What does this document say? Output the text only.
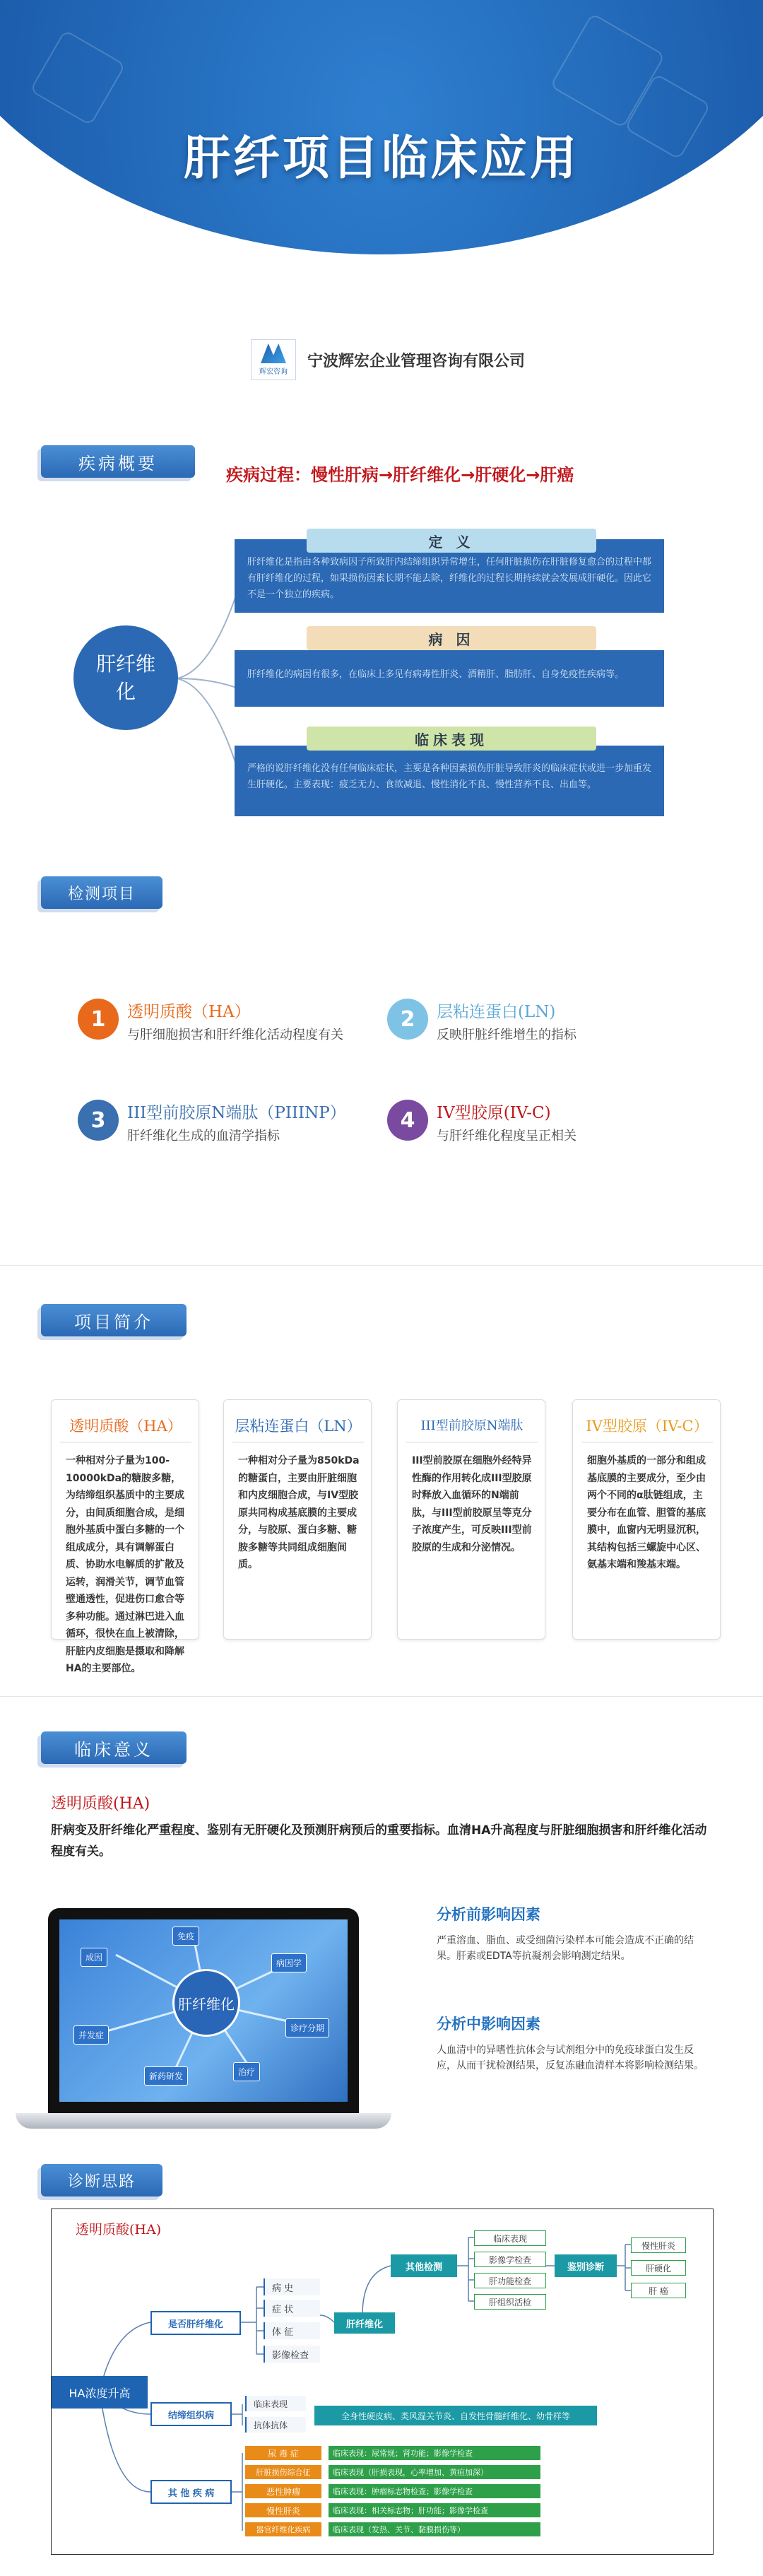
肝纤项目临床应用
辉宏咨询
宁波辉宏企业管理咨询有限公司
疾病概要
疾病过程：慢性肝病→肝纤维化→肝硬化→肝癌
肝纤维化
肝纤维化是指由各种致病因子所致肝内结缔组织异常增生，任何肝脏损伤在肝脏修复愈合的过程中都有肝纤维化的过程，如果损伤因素长期不能去除，纤维化的过程长期持续就会发展成肝硬化。因此它不是一个独立的疾病。
定 义
肝纤维化的病因有很多，在临床上多见有病毒性肝炎、酒精肝、脂肪肝、自身免疫性疾病等。
病 因
严格的说肝纤维化没有任何临床症状，主要是各种因素损伤肝脏导致肝炎的临床症状或进一步加重发生肝硬化。主要表现：疲乏无力、食欲减退、慢性消化不良、慢性营养不良、出血等。
临床表现
检测项目
1	透明质酸（HA）
与肝细胞损害和肝纤维化活动程度有关
2	层粘连蛋白(LN)
反映肝脏纤维增生的指标
3	III型前胶原N端肽（PIIINP）
肝纤维化生成的血清学指标
4	IV型胶原(IV-C)
与肝纤维化程度呈正相关
项目简介
透明质酸（HA）
一种相对分子量为100-10000kDa的糖胺多糖，为结缔组织基质中的主要成分，由间质细胞合成，是细胞外基质中蛋白多糖的一个组成成分，具有调解蛋白质、协助水电解质的扩散及运转，润滑关节，调节血管壁通透性，促进伤口愈合等多种功能。通过淋巴进入血循环，很快在血上被清除，肝脏内皮细胞是摄取和降解HA的主要部位。
层粘连蛋白（LN）
一种相对分子量为850kDa的糖蛋白，主要由肝脏细胞和内皮细胞合成，与IV型胶原共同构成基底膜的主要成分，与胶原、蛋白多糖、糖胺多糖等共同组成细胞间质。
III型前胶原N端肽
III型前胶原在细胞外经特异性酶的作用转化成III型胶原时释放入血循环的N端前肽，与III型前胶原呈等克分子浓度产生，可反映III型前胶原的生成和分泌情况。
IV型胶原（IV-C）
细胞外基质的一部分和组成基底膜的主要成分，至少由两个不同的α肽链组成，主要分布在血管、胆管的基底膜中，血窗内无明显沉积，其结构包括三螺旋中心区、氨基末端和羧基末端。
临床意义
透明质酸(HA)
肝病变及肝纤维化严重程度、鉴别有无肝硬化及预测肝病预后的重要指标。血清HA升高程度与肝脏细胞损害和肝纤维化活动程度有关。
肝纤维化
成因
免疫
病因学
诊疗分期
并发症
新药研发	治疗
分析前影响因素
严重溶血、脂血、或受细菌污染样本可能会造成不正确的结果。肝素或EDTA等抗凝剂会影响测定结果。
分析中影响因素
人血清中的异嗜性抗体会与试剂组分中的免疫球蛋白发生反应，从而干扰检测结果，反复冻融血清样本将影响检测结果。
诊断思路
透明质酸(HA)
HA浓度升高
是否肝纤维化
病 史
症 状
体 征
影像检查
肝纤维化
其他检测
临床表现
影像学检查
肝功能检查
肝组织活检
鉴别诊断
慢性肝炎
肝硬化
肝 癌
结缔组织病
临床表现
抗体抗体
全身性硬皮病、类风湿关节炎、自发性骨髓纤维化、幼骨样等
其 他 疾 病
尿 毒 症
肝脏损伤综合征
恶性肿瘤
慢性肝炎
器官纤维化疾病
临床表现：尿常规；肾功能；影像学检查
临床表现（肝损表现，心率增加、黄疸加深）
临床表现：肿瘤标志物检查；影像学检查
临床表现：相关标志物；肝功能；影像学检查
临床表现（发热、关节、黏膜损伤等）
